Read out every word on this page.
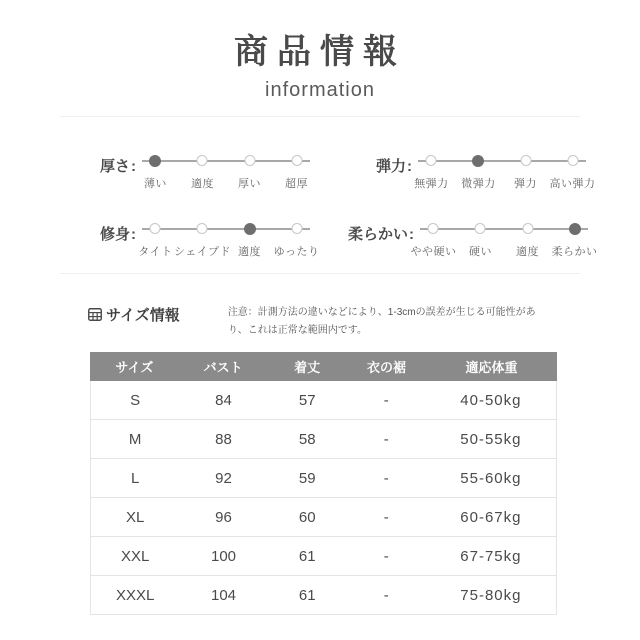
商品情報
information
厚さ :
薄い 適度 厚い 超厚
弾力 :
無弾力 微弾力 弾力 高い弾力
修身 :
タイト シェイプド 適度 ゆったり
柔らかい :
やや硬い 硬い 適度 柔らかい
サイズ情報	注意：計測方法の違いなどにより、1-3cmの誤差が生じる可能性があり、これは正常な範囲内です。
サイズ	バスト	着丈	衣の裾	適応体重
S	84	57	-	40-50kg
M	88	58	-	50-55kg
L	92	59	-	55-60kg
XL	96	60	-	60-67kg
XXL	100	61	-	67-75kg
XXXL	104	61	-	75-80kg
